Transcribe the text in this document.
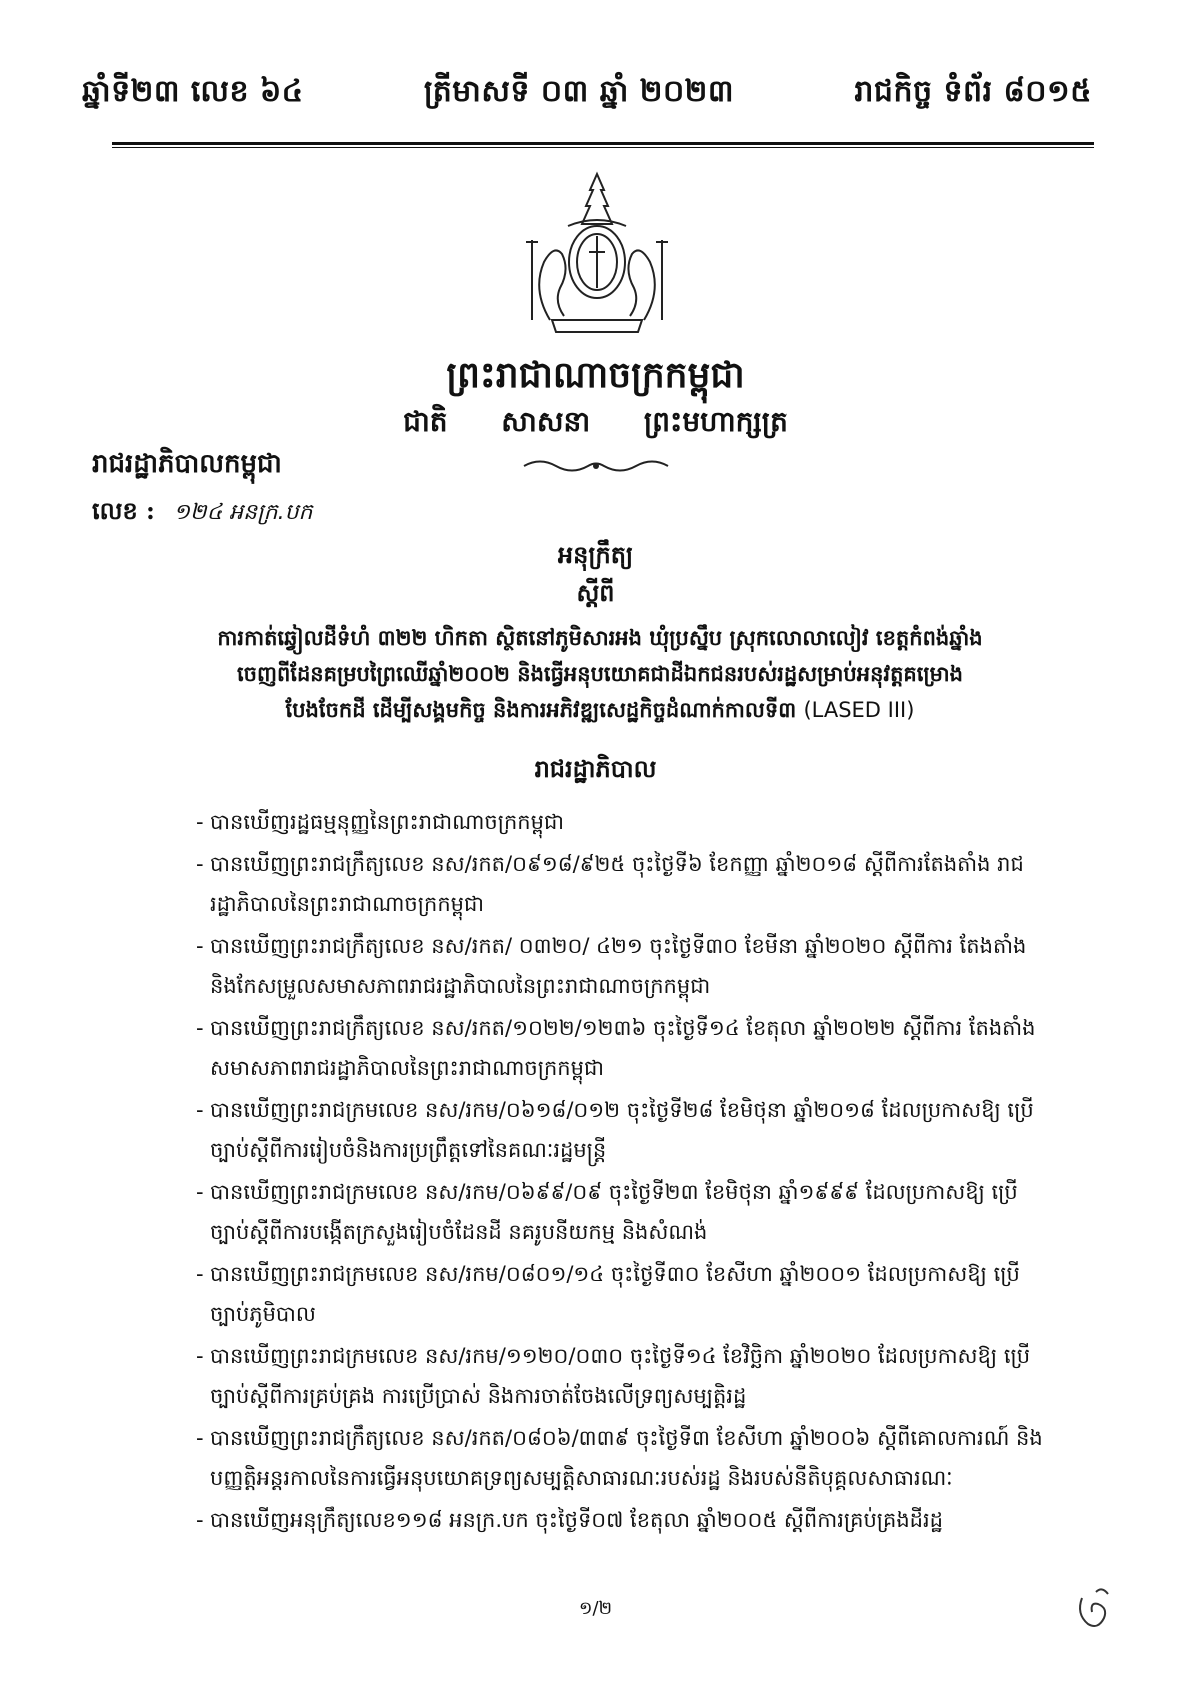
ឆ្នាំទី២៣ លេខ ៦៤	ត្រីមាសទី ០៣ ឆ្នាំ ២០២៣	រាជកិច្ច ទំព័រ ៨០១៥
ព្រះរាជាណាចក្រកម្ពុជា
ជាតិ សាសនា ព្រះមហាក្សត្រ
រាជរដ្ឋាភិបាលកម្ពុជា
លេខ : ១២៤ អនក្រ.បក
អនុក្រឹត្យ
ស្ដីពី
ការកាត់ឆ្វៀលដីទំហំ ៣២២ ហិកតា ស្ថិតនៅភូមិសារអង ឃុំប្រស្នឹប ស្រុកលោលាលៀវ ខេត្តកំពង់ឆ្នាំង
ចេញពីដែនគម្របព្រៃឈើឆ្នាំ២០០២ និងធ្វើអនុបយោគជាដីឯកជនរបស់រដ្ឋសម្រាប់អនុវត្តគម្រោង
បែងចែកដី ដើម្បីសង្គមកិច្ច និងការអភិវឌ្ឍសេដ្ឋកិច្ចដំណាក់កាលទី៣ (LASED III)
រាជរដ្ឋាភិបាល
- បានឃើញរដ្ឋធម្មនុញ្ញនៃព្រះរាជាណាចក្រកម្ពុជា
- បានឃើញព្រះរាជក្រឹត្យលេខ នស/រកត/០៩១៨/៩២៥ ចុះថ្ងៃទី៦ ខែកញ្ញា ឆ្នាំ២០១៨ ស្ដីពីការតែងតាំង រាជរដ្ឋាភិបាលនៃព្រះរាជាណាចក្រកម្ពុជា
- បានឃើញព្រះរាជក្រឹត្យលេខ នស/រកត/ ០៣២០/ ៤២១ ចុះថ្ងៃទី៣០ ខែមីនា ឆ្នាំ២០២០ ស្ដីពីការ តែងតាំង និងកែសម្រួលសមាសភាពរាជរដ្ឋាភិបាលនៃព្រះរាជាណាចក្រកម្ពុជា
- បានឃើញព្រះរាជក្រឹត្យលេខ នស/រកត/១០២២/១២៣៦ ចុះថ្ងៃទី១៤ ខែតុលា ឆ្នាំ២០២២ ស្ដីពីការ តែងតាំងសមាសភាពរាជរដ្ឋាភិបាលនៃព្រះរាជាណាចក្រកម្ពុជា
- បានឃើញព្រះរាជក្រមលេខ នស/រកម/០៦១៨/០១២ ចុះថ្ងៃទី២៨ ខែមិថុនា ឆ្នាំ២០១៨ ដែលប្រកាសឱ្យ ប្រើច្បាប់ស្ដីពីការរៀបចំនិងការប្រព្រឹត្តទៅនៃគណៈរដ្ឋមន្ត្រី
- បានឃើញព្រះរាជក្រមលេខ នស/រកម/០៦៩៩/០៩ ចុះថ្ងៃទី២៣ ខែមិថុនា ឆ្នាំ១៩៩៩ ដែលប្រកាសឱ្យ ប្រើច្បាប់ស្ដីពីការបង្កើតក្រសួងរៀបចំដែនដី នគរូបនីយកម្ម និងសំណង់
- បានឃើញព្រះរាជក្រមលេខ នស/រកម/០៨០១/១៤ ចុះថ្ងៃទី៣០ ខែសីហា ឆ្នាំ២០០១ ដែលប្រកាសឱ្យ ប្រើច្បាប់ភូមិបាល
- បានឃើញព្រះរាជក្រមលេខ នស/រកម/១១២០/០៣០ ចុះថ្ងៃទី១៤ ខែវិច្ឆិកា ឆ្នាំ២០២០ ដែលប្រកាសឱ្យ ប្រើច្បាប់ស្ដីពីការគ្រប់គ្រង ការប្រើប្រាស់ និងការចាត់ចែងលើទ្រព្យសម្បត្តិរដ្ឋ
- បានឃើញព្រះរាជក្រឹត្យលេខ នស/រកត/០៨០៦/៣៣៩ ចុះថ្ងៃទី៣ ខែសីហា ឆ្នាំ២០០៦ ស្ដីពីគោលការណ៍ និងបញ្ញត្តិអន្តរកាលនៃការធ្វើអនុបយោគទ្រព្យសម្បត្តិសាធារណៈរបស់រដ្ឋ និងរបស់នីតិបុគ្គលសាធារណៈ
- បានឃើញអនុក្រឹត្យលេខ១១៨ អនក្រ.បក ចុះថ្ងៃទី០៧ ខែតុលា ឆ្នាំ២០០៥ ស្ដីពីការគ្រប់គ្រងដីរដ្ឋ
១/២
